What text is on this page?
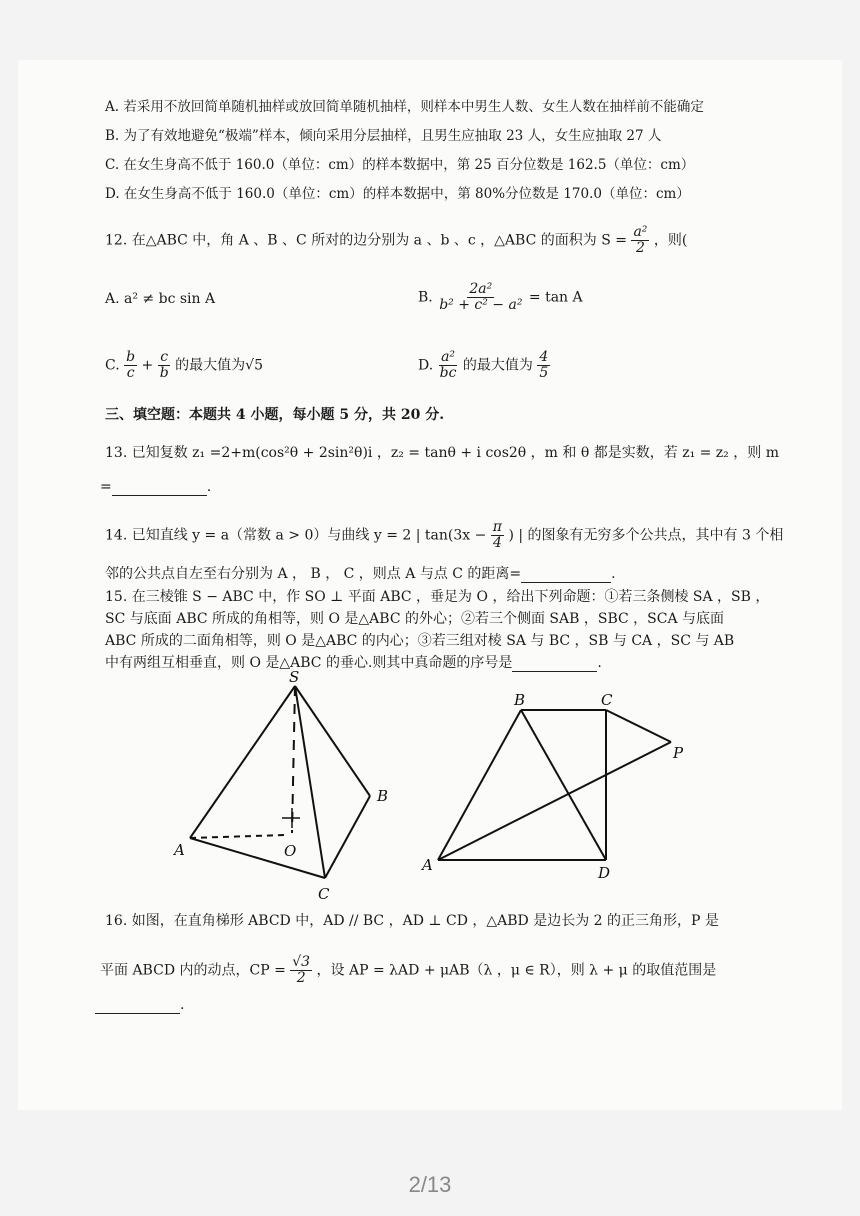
A. 若采用不放回简单随机抽样或放回简单随机抽样，则样本中男生人数、女生人数在抽样前不能确定
B. 为了有效地避免“极端”样本，倾向采用分层抽样，且男生应抽取 23 人，女生应抽取 27 人
C. 在女生身高不低于 160.0（单位：cm）的样本数据中，第 25 百分位数是 162.5（单位：cm）
D. 在女生身高不低于 160.0（单位：cm）的样本数据中，第 80%分位数是 170.0（单位：cm）
12. 在△ABC 中，角 A 、B 、C 所对的边分别为 a 、b 、c ，△ABC 的面积为 $S = \frac{\text{a²}}{2}$ ，则(
A. a² ≠ bc sin A	B. $\frac{\text{2a²}}{\text{b² + c² − a²}} = \tan A$
C. $\frac{b}{c} + \frac{c}{b}$ 的最大值为√5	D. $\frac{\text{a²}}{bc}$ 的最大值为 $\frac{4}{5}$
三、填空题：本题共 4 小题，每小题 5 分，共 20 分.
13. 已知复数 z₁ =2+m(cos²θ + 2sin²θ)i ，z₂ = tanθ + i cos2θ ，m 和 θ 都是实数，若 z₁ = z₂ ，则 m
=	.
14. 已知直线 y = a（常数 a > 0）与曲线 y = 2 | $\tan(3x - \frac{\pi}{4}$ ) | 的图象有无穷多个公共点，其中有 3 个相
邻的公共点自左至右分别为 A ， B ， C ，则点 A 与点 C 的距离=	.
15. 在三棱锥 S − ABC 中，作 SO ⊥ 平面 ABC ，垂足为 O ，给出下列命题：①若三条侧棱 SA ，SB ，
SC 与底面 ABC 所成的角相等，则 O 是△ABC 的外心；②若三个侧面 SAB ，SBC ，SCA 与底面
ABC 所成的二面角相等，则 O 是△ABC 的内心；③若三组对棱 SA 与 BC ，SB 与 CA ，SC 与 AB
中有两组互相垂直，则 O 是△ABC 的垂心.则其中真命题的序号是	.
S
A
B
C
O
B	C
P
A	D
16. 如图，在直角梯形 ABCD 中，AD // BC ，AD ⊥ CD ，△ABD 是边长为 2 的正三角形，P 是
平面 ABCD 内的动点，CP = $\frac{√3}{2}$ ，设 AP = λAD + μAB（λ ，μ ∈ R），则 λ + μ 的取值范围是
.
2/13
